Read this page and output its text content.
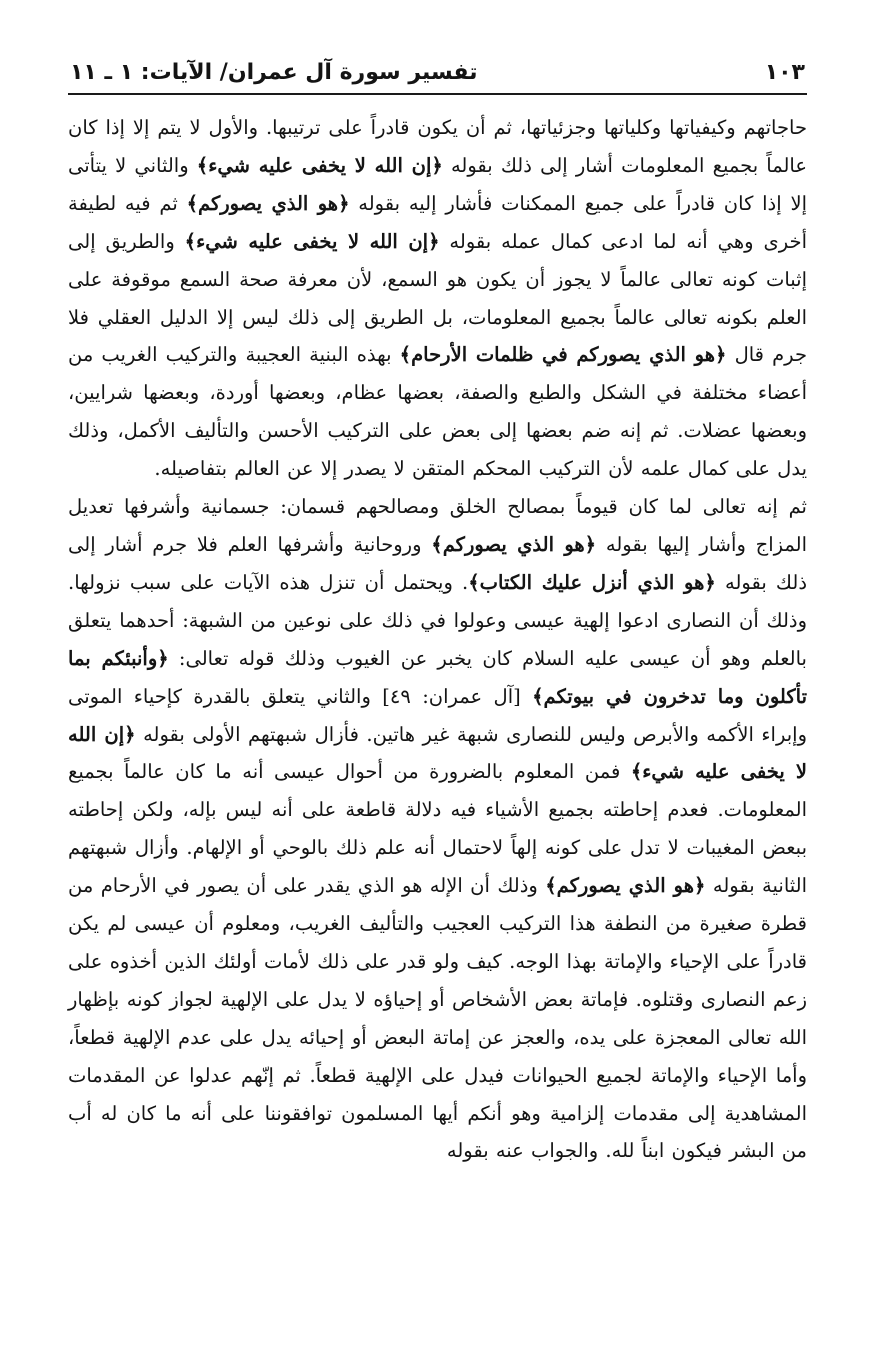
تفسير سورة آل عمران/ الآيات: ١ ـ ١١	١٠٣

حاجاتهم وكيفياتها وكلياتها وجزئياتها، ثم أن يكون قادراً على ترتيبها. والأول لا يتم إلا إذا كان عالماً بجميع المعلومات أشار إلى ذلك بقوله ﴿إن الله لا يخفى عليه شيء﴾ والثاني لا يتأتى إلا إذا كان قادراً على جميع الممكنات فأشار إليه بقوله ﴿هو الذي يصوركم﴾ ثم فيه لطيفة أخرى وهي أنه لما ادعى كمال عمله بقوله ﴿إن الله لا يخفى عليه شيء﴾ والطريق إلى إثبات كونه تعالى عالماً لا يجوز أن يكون هو السمع، لأن معرفة صحة السمع موقوفة على العلم بكونه تعالى عالماً بجميع المعلومات، بل الطريق إلى ذلك ليس إلا الدليل العقلي فلا جرم قال ﴿هو الذي يصوركم في ظلمات الأرحام﴾ بهذه البنية العجيبة والتركيب الغريب من أعضاء مختلفة في الشكل والطبع والصفة، بعضها عظام، وبعضها أوردة، وبعضها شرايين، وبعضها عضلات. ثم إنه ضم بعضها إلى بعض على التركيب الأحسن والتأليف الأكمل، وذلك يدل على كمال علمه لأن التركيب المحكم المتقن لا يصدر إلا عن العالم بتفاصيله.

ثم إنه تعالى لما كان قيوماً بمصالح الخلق ومصالحهم قسمان: جسمانية وأشرفها تعديل المزاج وأشار إليها بقوله ﴿هو الذي يصوركم﴾ وروحانية وأشرفها العلم فلا جرم أشار إلى ذلك بقوله ﴿هو الذي أنزل عليك الكتاب﴾. ويحتمل أن تنزل هذه الآيات على سبب نزولها. وذلك أن النصارى ادعوا إلهية عيسى وعولوا في ذلك على نوعين من الشبهة: أحدهما يتعلق بالعلم وهو أن عيسى عليه السلام كان يخبر عن الغيوب وذلك قوله تعالى: ﴿وأنبئكم بما تأكلون وما تدخرون في بيوتكم﴾ [آل عمران: ٤٩] والثاني يتعلق بالقدرة كإحياء الموتى وإبراء الأكمه والأبرص وليس للنصارى شبهة غير هاتين. فأزال شبهتهم الأولى بقوله ﴿إن الله لا يخفى عليه شيء﴾ فمن المعلوم بالضرورة من أحوال عيسى أنه ما كان عالماً بجميع المعلومات. فعدم إحاطته بجميع الأشياء فيه دلالة قاطعة على أنه ليس بإله، ولكن إحاطته ببعض المغيبات لا تدل على كونه إلهاً لاحتمال أنه علم ذلك بالوحي أو الإلهام. وأزال شبهتهم الثانية بقوله ﴿هو الذي يصوركم﴾ وذلك أن الإله هو الذي يقدر على أن يصور في الأرحام من قطرة صغيرة من النطفة هذا التركيب العجيب والتأليف الغريب، ومعلوم أن عيسى لم يكن قادراً على الإحياء والإماتة بهذا الوجه. كيف ولو قدر على ذلك لأمات أولئك الذين أخذوه على زعم النصارى وقتلوه. فإماتة بعض الأشخاص أو إحياؤه لا يدل على الإلهية لجواز كونه بإظهار الله تعالى المعجزة على يده، والعجز عن إماتة البعض أو إحيائه يدل على عدم الإلهية قطعاً، وأما الإحياء والإماتة لجميع الحيوانات فيدل على الإلهية قطعاً. ثم إنّهم عدلوا عن المقدمات المشاهدية إلى مقدمات إلزامية وهو أنكم أيها المسلمون توافقوننا على أنه ما كان له أب من البشر فيكون ابناً لله. والجواب عنه بقوله
